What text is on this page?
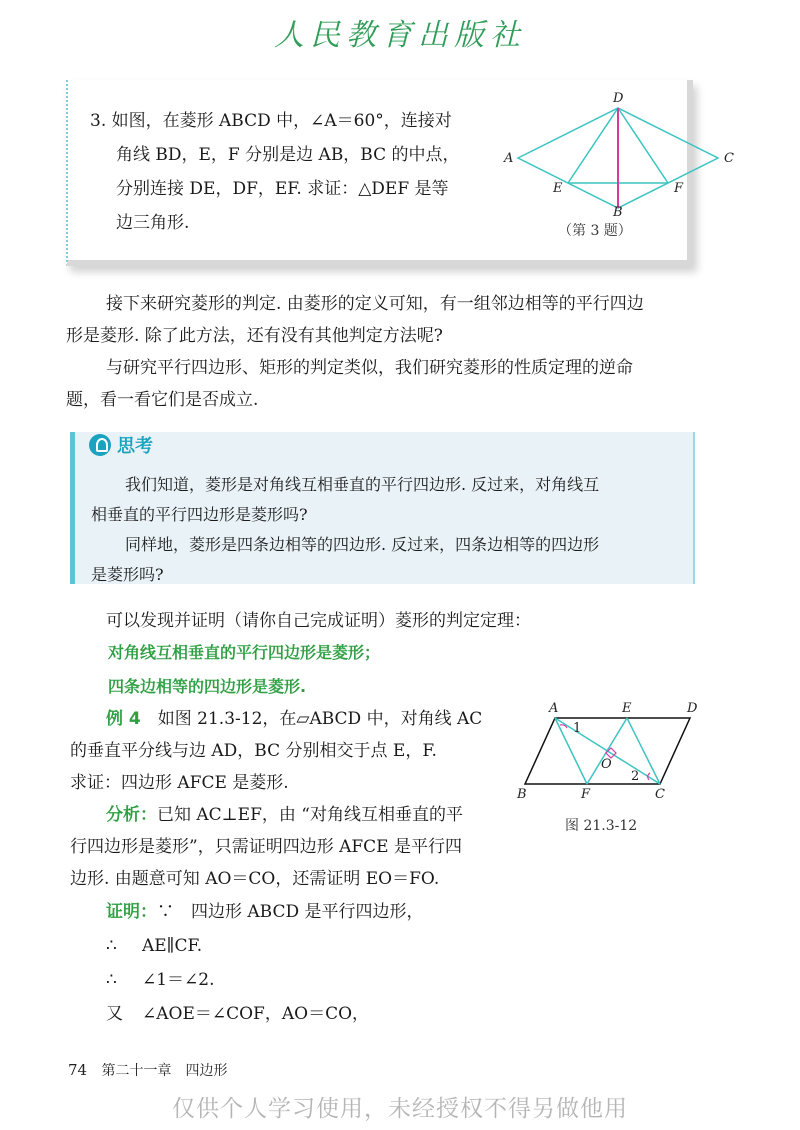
人民教育出版社
3. 如图，在菱形 ABCD 中，∠A＝60°，连接对
角线 BD，E，F 分别是边 AB，BC 的中点，
分别连接 DE，DF，EF. 求证：△DEF 是等
边三角形.
D
A	C
B
E	F
（第 3 题）
接下来研究菱形的判定. 由菱形的定义可知，有一组邻边相等的平行四边
形是菱形. 除了此方法，还有没有其他判定方法呢?
与研究平行四边形、矩形的判定类似，我们研究菱形的性质定理的逆命
题，看一看它们是否成立.
思考
我们知道，菱形是对角线互相垂直的平行四边形. 反过来，对角线互
相垂直的平行四边形是菱形吗?
同样地，菱形是四条边相等的四边形. 反过来，四条边相等的四边形
是菱形吗?
可以发现并证明（请你自己完成证明）菱形的判定定理：
对角线互相垂直的平行四边形是菱形；
四条边相等的四边形是菱形.
例 4　 如图 21.3-12，在▱ABCD 中，对角线 AC
的垂直平分线与边 AD，BC 分别相交于点 E，F.
求证：四边形 AFCE 是菱形.
分析：已知 AC⊥EF，由 “对角线互相垂直的平
行四边形是菱形”，只需证明四边形 AFCE 是平行四
边形. 由题意可知 AO＝CO，还需证明 EO＝FO.
A	E	D
B	F	C
O
1
2
图 21.3-12
证明：∵　 四边形 ABCD 是平行四边形，
∴ AE∥CF.
∴ ∠1＝∠2.
又 ∠AOE＝∠COF，AO＝CO，
74 第二十一章　四边形
仅供个人学习使用，未经授权不得另做他用
